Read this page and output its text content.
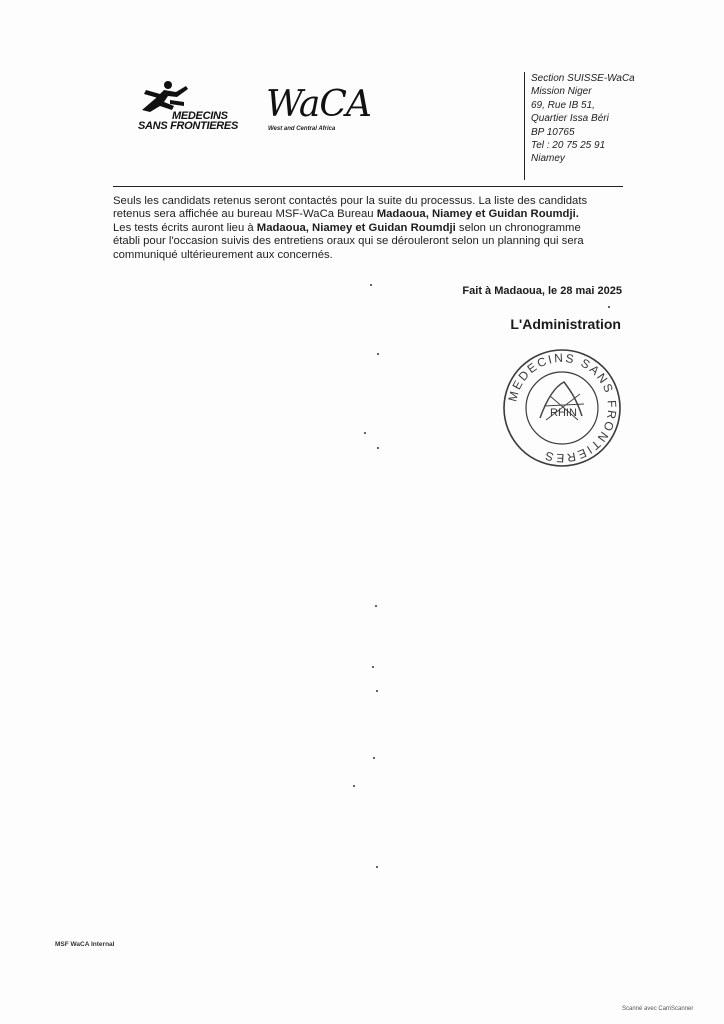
MEDECINS
SANS FRONTIERES
WaCA
West and Central Africa
Section SUISSE-WaCa
Mission Niger
69, Rue IB 51,
Quartier Issa Béri
BP 10765
Tel : 20 75 25 91
Niamey
Seuls les candidats retenus seront contactés pour la suite du processus. La liste des candidats
retenus sera affichée au bureau MSF-WaCa Bureau Madaoua, Niamey et Guidan Roumdji.
Les tests écrits auront lieu à Madaoua, Niamey et Guidan Roumdji selon un chronogramme
établi pour l'occasion suivis des entretiens oraux qui se dérouleront selon un planning qui sera
communiqué ultérieurement aux concernés.
Fait à Madaoua, le 28 mai 2025
L'Administration
MEDECINS SANS FRONTIERES
RHIN
MSF WaCA Internal
Scanné avec CamScanner
